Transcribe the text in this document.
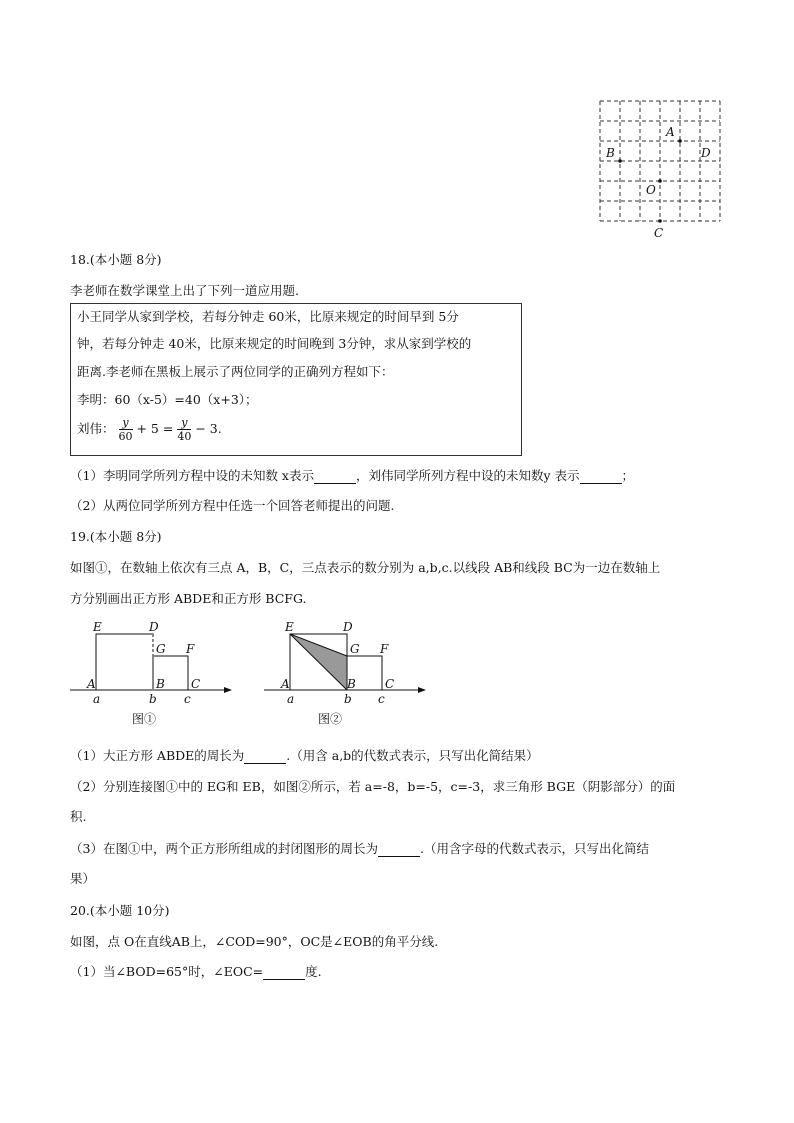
A
B	D
O
C
18.(本小题 8分)
李老师在数学课堂上出了下列一道应用题.
小王同学从家到学校，若每分钟走 60米，比原来规定的时间早到 5分
钟，若每分钟走 40米，比原来规定的时间晚到 3分钟，求从家到学校的
距离.李老师在黑板上展示了两位同学的正确列方程如下：
李明：60（x-5）=40（x+3）；
刘伟： $\frac{y}{60} + 5 = \frac{y}{40} - 3$.
（1）李明同学所列方程中设的未知数 x表示	，刘伟同学所列方程中设的未知数y 表示	；
（2）从两位同学所列方程中任选一个回答老师提出的问题.
19.(本小题 8分)
如图①，在数轴上依次有三点 A，B，C，三点表示的数分别为 a,b,c.以线段 AB和线段 BC为一边在数轴上
方分别画出正方形 ABDE和正方形 BCFG.
E	D
G F
A	B C
a	b c
图①
E	D
G F
A	B C
a	b c
图②
（1）大正方形 ABDE的周长为	.（用含 a,b的代数式表示，只写出化简结果）
（2）分别连接图①中的 EG和 EB，如图②所示，若 a=-8，b=-5，c=-3，求三角形 BGE（阴影部分）的面
积.
（3）在图①中，两个正方形所组成的封闭图形的周长为	.（用含字母的代数式表示，只写出化简结
果）
20.(本小题 10分)
如图，点 O在直线AB上，∠COD=90°，OC是∠EOB的角平分线.
（1）当∠BOD=65°时，∠EOC=	度.
